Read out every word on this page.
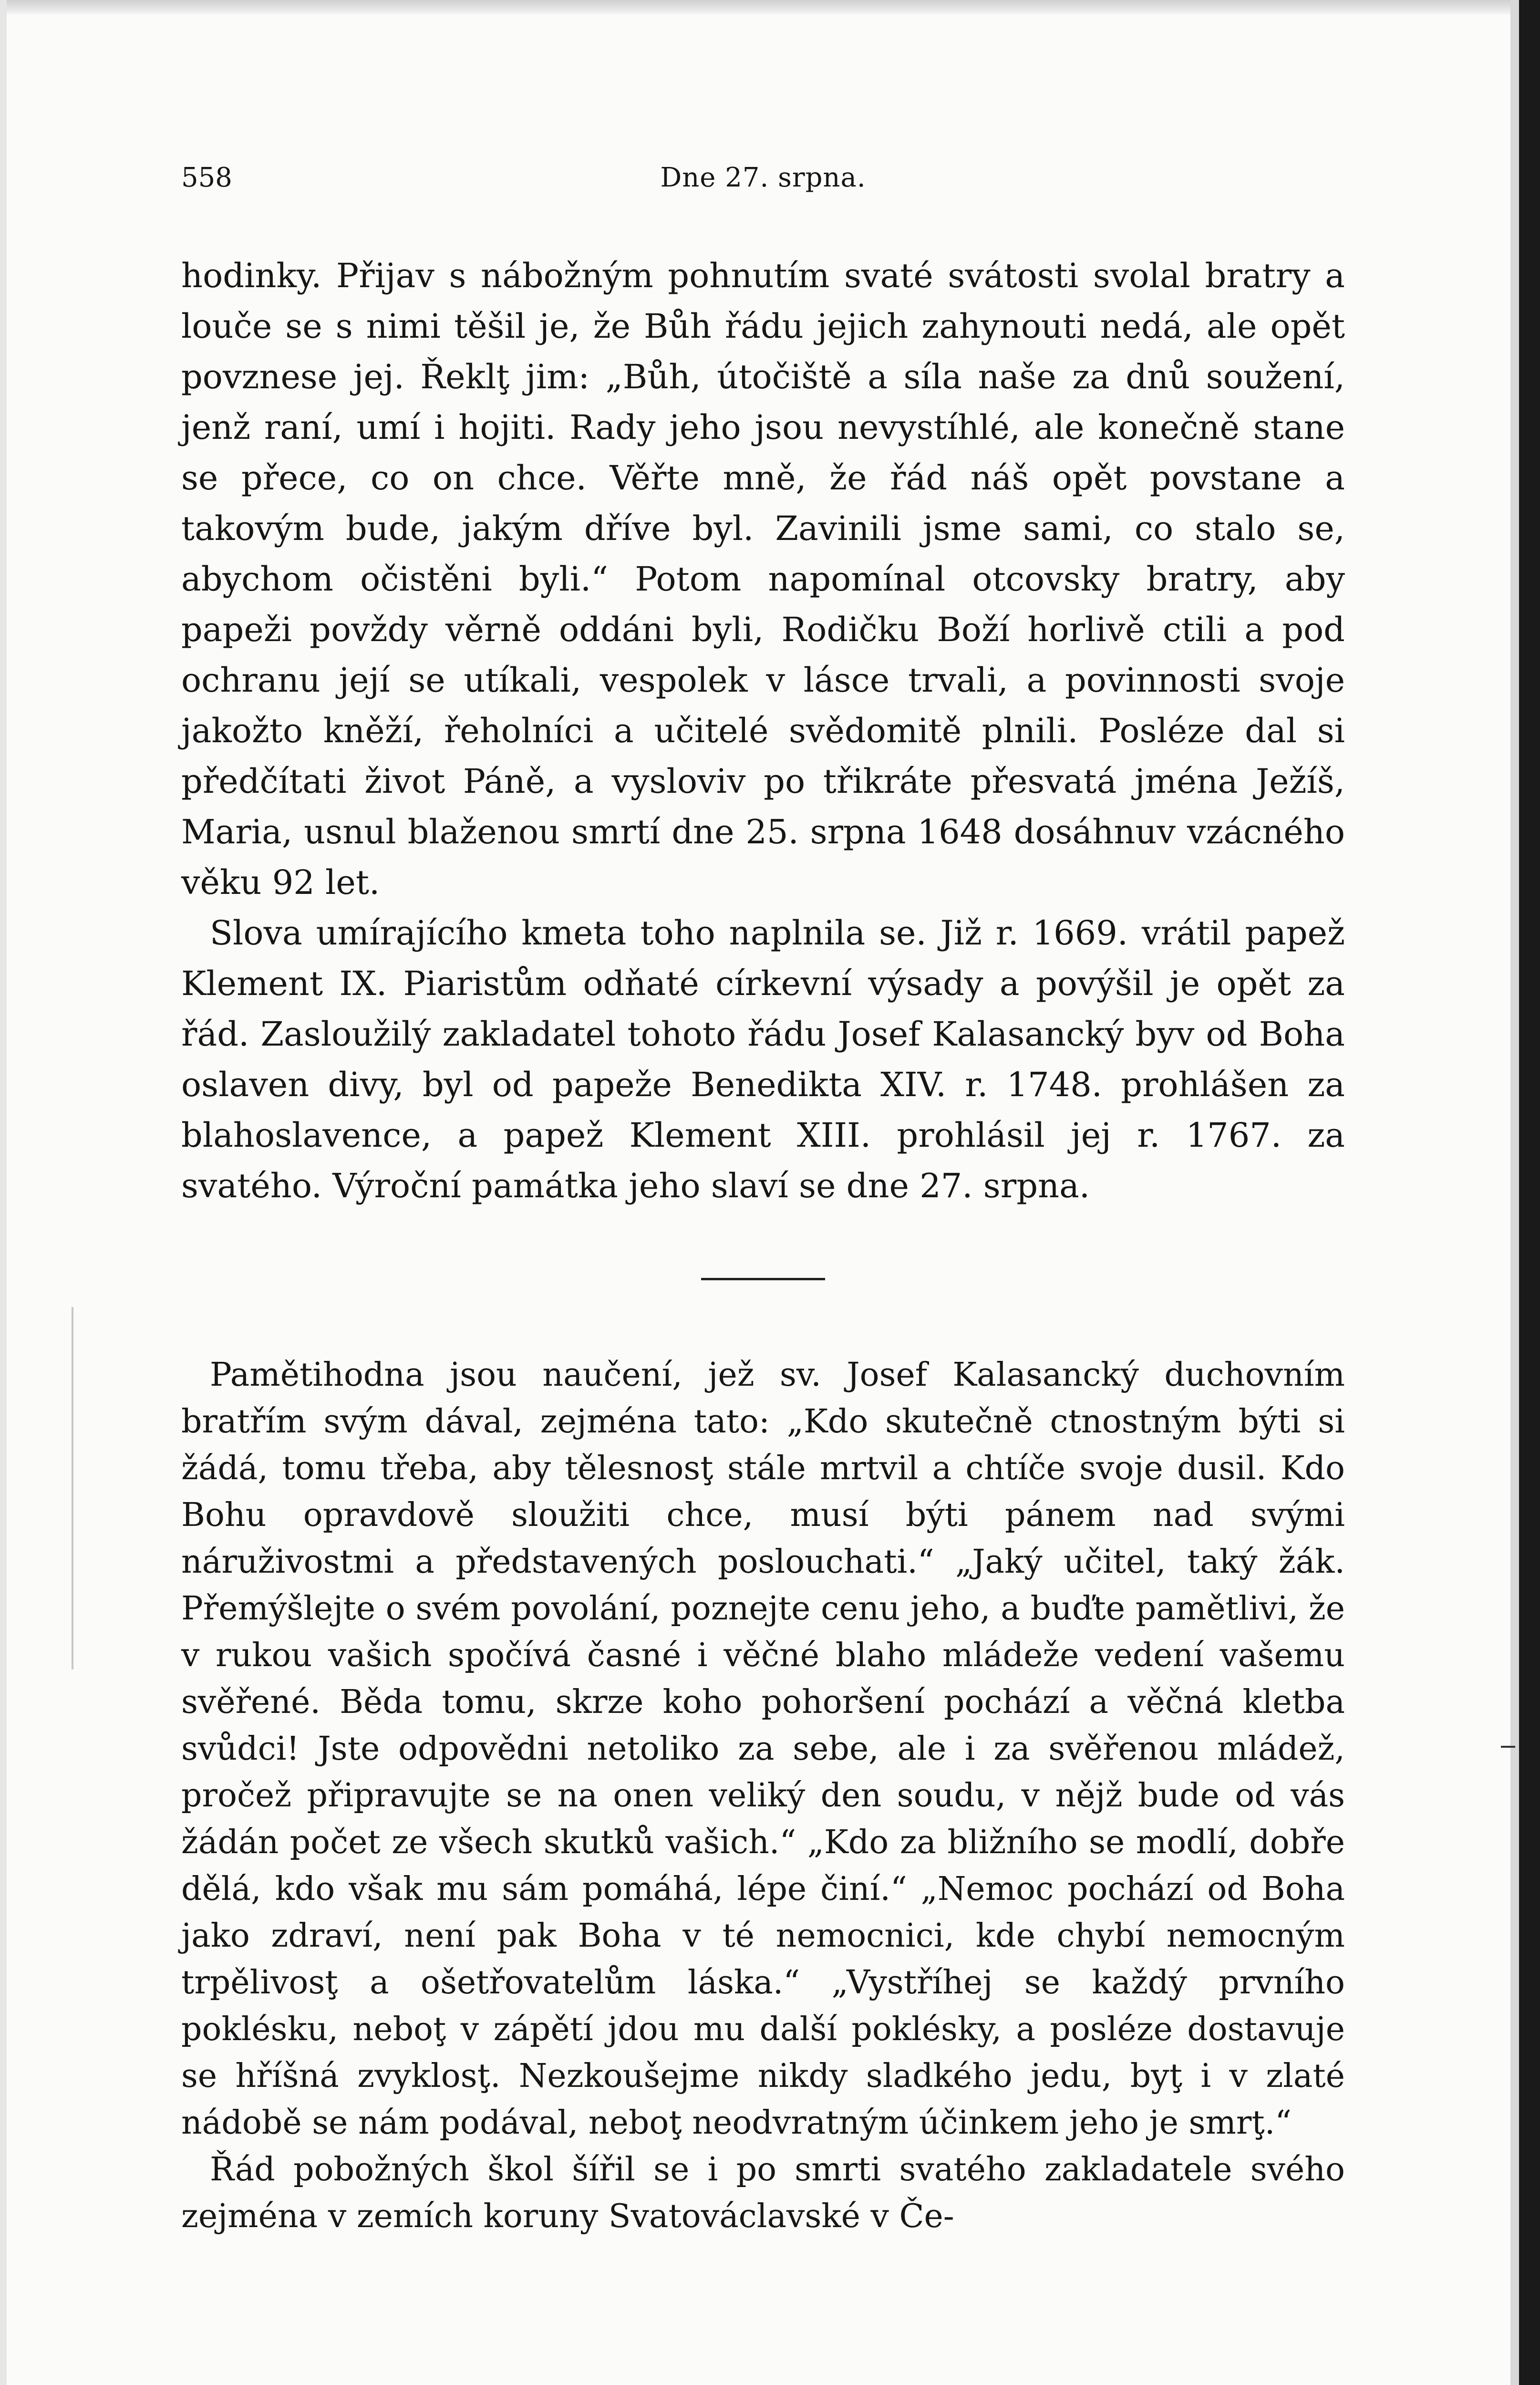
558	Dne 27. srpna.

hodinky. Přijav s nábožným pohnutím svaté svátosti svolal bratry a louče se s nimi těšil je, že Bůh řádu jejich zahynouti nedá, ale opět povznese jej. Řeklţ jim: „Bůh, útočiště a síla naše za dnů soužení, jenž raní, umí i hojiti. Rady jeho jsou nevystíhlé, ale konečně stane se přece, co on chce. Věřte mně, že řád náš opět povstane a takovým bude, jakým dříve byl. Zavinili jsme sami, co stalo se, abychom očistěni byli.“ Potom napomínal otcovsky bratry, aby papeži povždy věrně oddáni byli, Rodičku Boží horlivě ctili a pod ochranu její se utíkali, vespolek v lásce trvali, a povinnosti svoje jakožto kněží, řeholníci a učitelé svědomitě plnili. Posléze dal si předčítati život Páně, a vysloviv po třikráte přesvatá jména Ježíš, Maria, usnul blaženou smrtí dne 25. srpna 1648 dosáhnuv vzácného věku 92 let.

Slova umírajícího kmeta toho naplnila se. Již r. 1669. vrátil papež Klement IX. Piaristům odňaté církevní výsady a povýšil je opět za řád. Zasloužilý zakladatel tohoto řádu Josef Kalasancký byv od Boha oslaven divy, byl od papeže Benedikta XIV. r. 1748. prohlášen za blahoslavence, a papež Klement XIII. prohlásil jej r. 1767. za svatého. Výroční památka jeho slaví se dne 27. srpna.

Pamětihodna jsou naučení, jež sv. Josef Kalasancký duchovním bratřím svým dával, zejména tato: „Kdo skutečně ctnostným býti si žádá, tomu třeba, aby tělesnosţ stále mrtvil a chtíče svoje dusil. Kdo Bohu opravdově sloužiti chce, musí býti pánem nad svými náruživostmi a představených poslouchati.“ „Jaký učitel, taký žák. Přemýšlejte o svém povolání, poznejte cenu jeho, a buďte pamětlivi, že v rukou vašich spočívá časné i věčné blaho mládeže vedení vašemu svěřené. Běda tomu, skrze koho pohoršení pochází a věčná kletba svůdci! Jste odpovědni netoliko za sebe, ale i za svěřenou mládež, pročež připravujte se na onen veliký den soudu, v nějž bude od vás žádán počet ze všech skutků vašich.“ „Kdo za bližního se modlí, dobře dělá, kdo však mu sám pomáhá, lépe činí.“ „Nemoc pochází od Boha jako zdraví, není pak Boha v té nemocnici, kde chybí nemocným trpělivosţ a ošetřovatelům láska.“ „Vystříhej se každý prvního poklésku, neboţ v zápětí jdou mu další poklésky, a posléze dostavuje se hříšná zvyklosţ. Nezkoušejme nikdy sladkého jedu, byţ i v zlaté nádobě se nám podával, neboţ neodvratným účinkem jeho je smrţ.“

Řád pobožných škol šířil se i po smrti svatého zakladatele svého zejména v zemích koruny Svatováclavské v Če-
